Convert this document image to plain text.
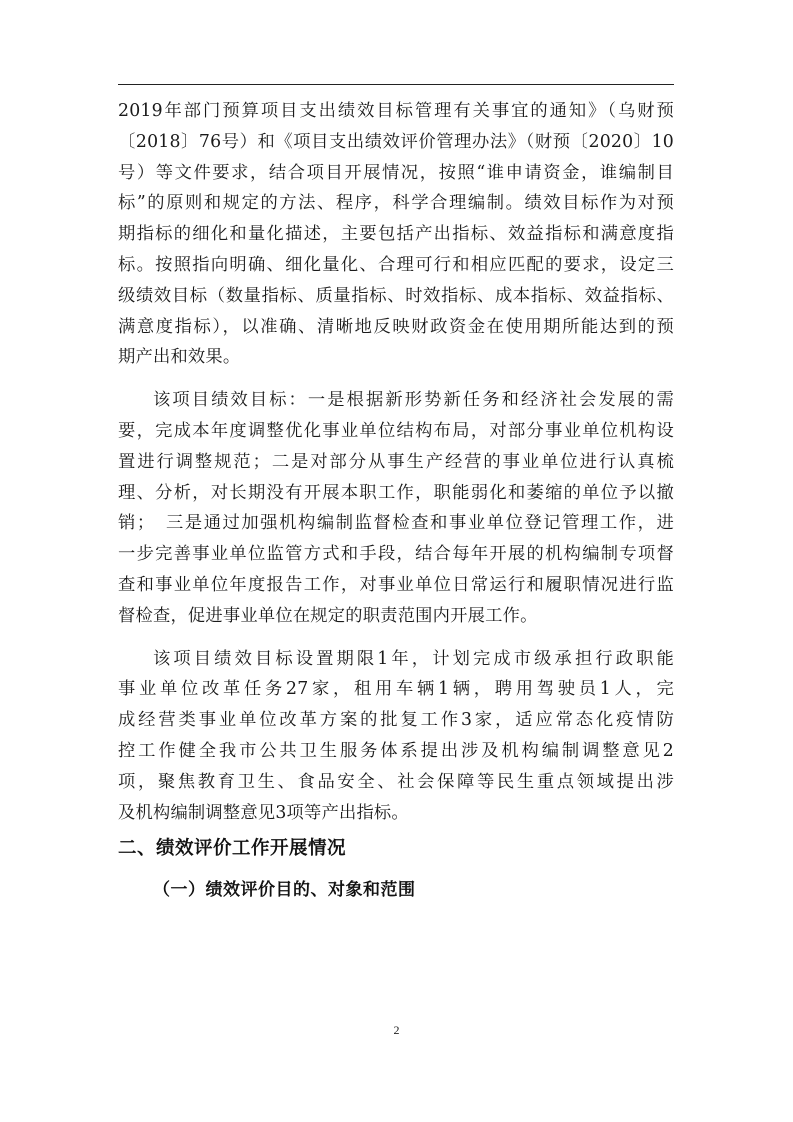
2019年部门预算项目支出绩效目标管理有关事宜的通知》（乌财预
〔2018〕76号）和《项目支出绩效评价管理办法》（财预〔2020〕10
号）等文件要求，结合项目开展情况，按照“谁申请资金，谁编制目
标”的原则和规定的方法、程序，科学合理编制。绩效目标作为对预
期指标的细化和量化描述，主要包括产出指标、效益指标和满意度指
标。按照指向明确、细化量化、合理可行和相应匹配的要求，设定三
级绩效目标（数量指标、质量指标、时效指标、成本指标、效益指标、
满意度指标），以准确、清晰地反映财政资金在使用期所能达到的预
期产出和效果。
该项目绩效目标：一是根据新形势新任务和经济社会发展的需
要，完成本年度调整优化事业单位结构布局，对部分事业单位机构设
置进行调整规范；二是对部分从事生产经营的事业单位进行认真梳
理、分析，对长期没有开展本职工作，职能弱化和萎缩的单位予以撤
销；　三是通过加强机构编制监督检查和事业单位登记管理工作，进
一步完善事业单位监管方式和手段，结合每年开展的机构编制专项督
查和事业单位年度报告工作，对事业单位日常运行和履职情况进行监
督检查，促进事业单位在规定的职责范围内开展工作。
该项目绩效目标设置期限1年，计划完成市级承担行政职能
事业单位改革任务27家，租用车辆1辆，聘用驾驶员1人，完
成经营类事业单位改革方案的批复工作3家，适应常态化疫情防
控工作健全我市公共卫生服务体系提出涉及机构编制调整意见2
项，聚焦教育卫生、食品安全、社会保障等民生重点领域提出涉
及机构编制调整意见3项等产出指标。
二、绩效评价工作开展情况
（一）绩效评价目的、对象和范围
2
